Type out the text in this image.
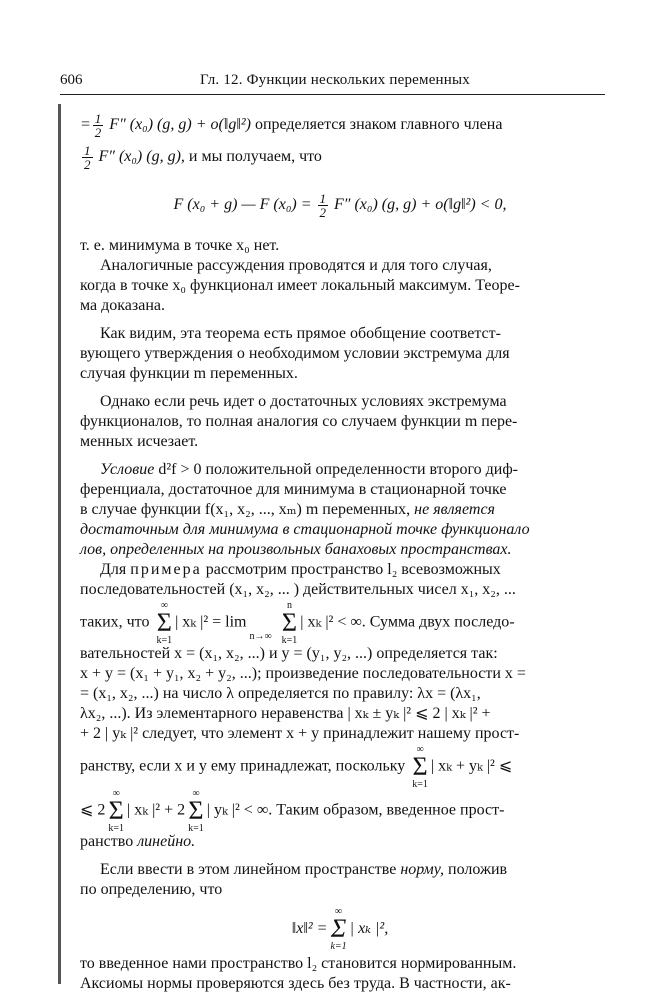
606	Гл. 12. Функции нескольких переменных
= $\frac{1}{2} F''$ (x₀) (g, g) + o(‖g‖²) определяется знаком главного члена
$\frac{1}{2} F''$ (x₀) (g, g), и мы получаем, что
F (x₀ + g) — F $(x_0) = \frac{1}{2} F''$ (x₀) (g, g) + o(‖g‖²) < 0,
т. е. минимума в точке x₀ нет.
Аналогичные рассуждения проводятся и для того случая,
когда в точке x₀ функционал имеет локальный максимум. Теоре-
ма доказана.
Как видим, эта теорема есть прямое обобщение соответст-
вующего утверждения о необходимом условии экстремума для
случая функции m переменных.
Однако если речь идет о достаточных условиях экстремума
функционалов, то полная аналогия со случаем функции m пере-
менных исчезает.
Условие d²f > 0 положительной определенности второго диф-
ференциала, достаточное для минимума в стационарной точке
в случае функции f(x₁, x₂, ..., xₘ) m переменных, не является
достаточным для минимума в стационарной точке функционало
лов, определенных на произвольных банаховых пространствах.
Для примера рассмотрим пространство l₂ всевозможных
последовательностей (x₁, x₂, ... ) действительных чисел x₁, x₂, ...
таких, что
∞
Σ
k=1
| xₖ |² = lim
n→∞

n
Σ
k=1
| xₖ |² < ∞. Сумма двух последо-
вательностей x = (x₁, x₂, ...) и y = (y₁, y₂, ...) определяется так:
x + y = (x₁ + y₁, x₂ + y₂, ...); произведение последовательности x =
= (x₁, x₂, ...) на число λ определяется по правилу: λx = (λx₁,
λx₂, ...). Из элементарного неравенства | xₖ ± yₖ |² ⩽ 2 | xₖ |² +
+ 2 | yₖ |² следует, что элемент x + y принадлежит нашему прост-
ранству, если x и y ему принадлежат, поскольку
∞
Σ
k=1
| xₖ + yₖ |² ⩽
⩽ 2
∞
Σ
k=1
| xₖ |² + 2
∞
Σ
k=1
| yₖ |² < ∞. Таким образом, введенное прост-
ранство линейно.
Если ввести в этом линейном пространстве норму, положив
по определению, что
‖x‖² =
∞
Σ
k=1
| xₖ |²,
то введенное нами пространство l₂ становится нормированным.
Аксиомы нормы проверяются здесь без труда. В частности, ак-
